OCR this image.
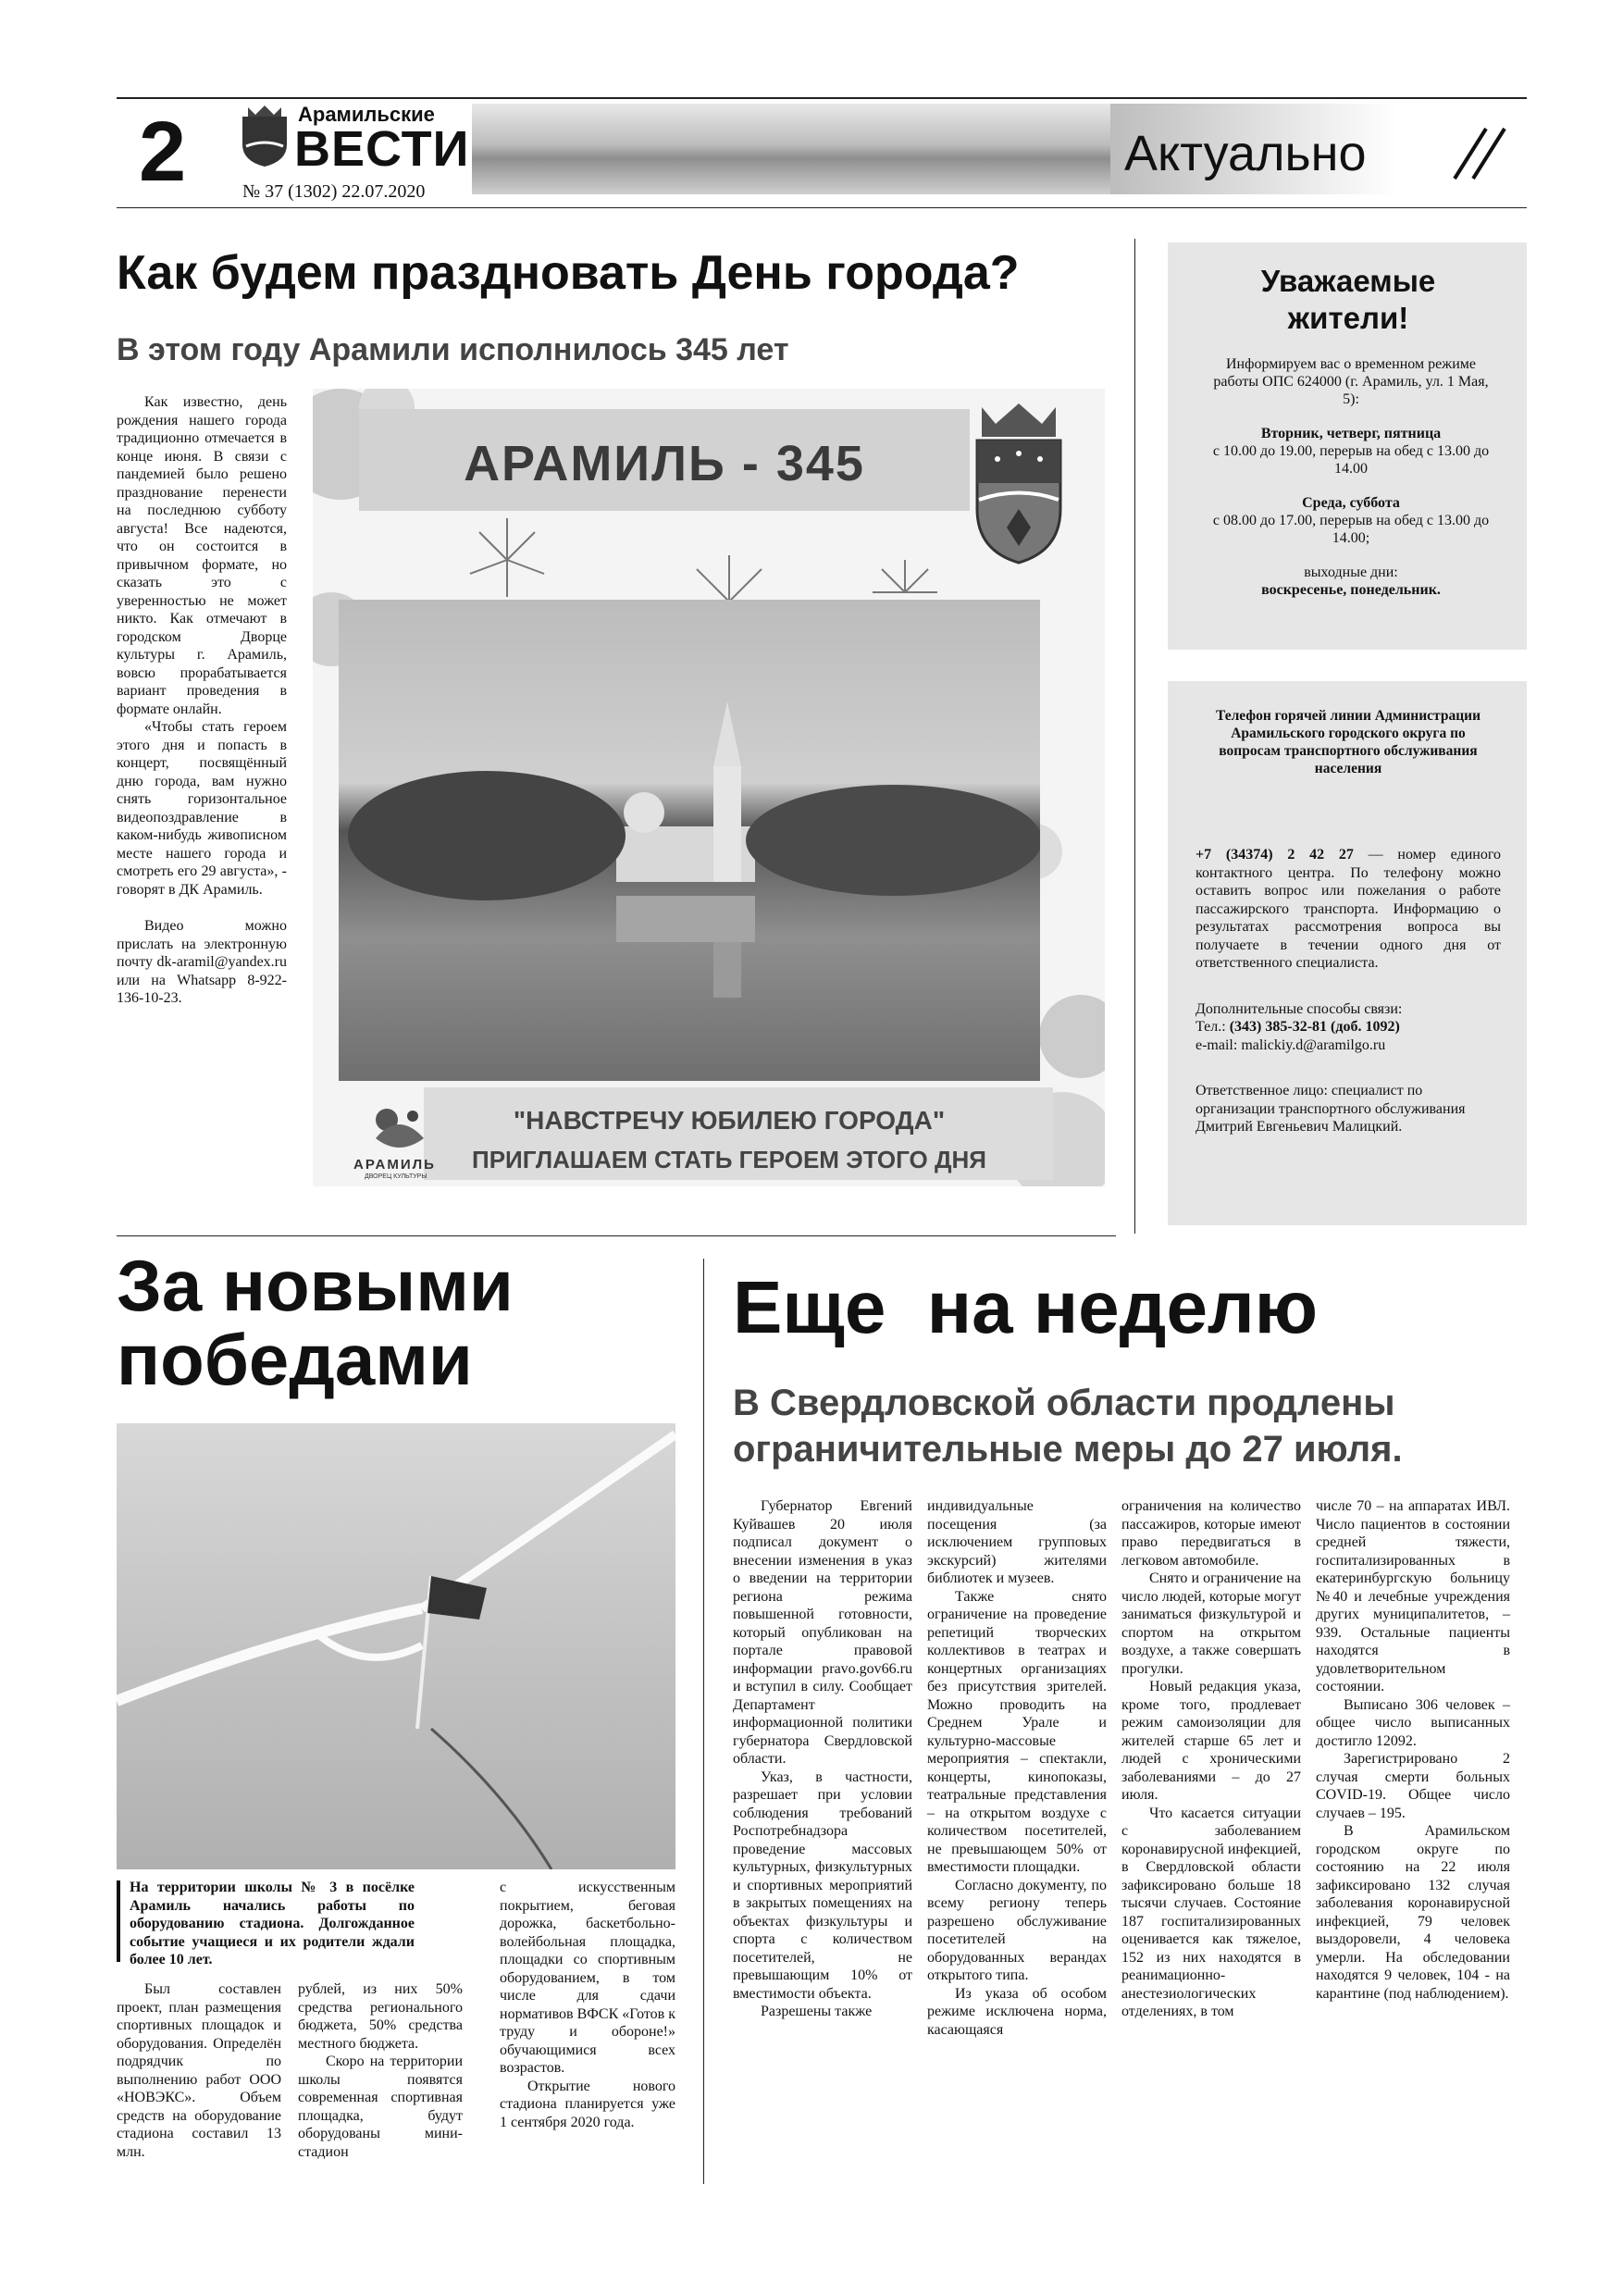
2	Арамильские
ВЕСТИ
№ 37 (1302) 22.07.2020
Актуально
Как будем праздновать День города?
В этом году Арамили исполнилось 345 лет

Как известно, день рождения нашего города традиционно отмечается в конце июня. В связи с пандемией было решено празднование перенести на последнюю субботу августа! Все надеются, что он состоится в привычном формате, но сказать это с уверенностью не может никто. Как отмечают в городском Дворце культуры г. Арамиль, вовсю прорабатывается вариант проведения в формате онлайн.

«Чтобы стать героем этого дня и попасть в концерт, посвящённый дню города, вам нужно снять горизонтальное видеопоздравление в каком-нибудь живописном месте нашего города и смотреть его 29 августа», - говорят в ДК Арамиль.

Видео можно прислать на электронную почту dk-aramil@yandex.ru или на Whatsapp 8-922-136-10-23.

АРАМИЛЬ - 345
АРАМИЛЬ
ДВОРЕЦ КУЛЬТУРЫ
"НАВСТРЕЧУ ЮБИЛЕЮ ГОРОДА"
ПРИГЛАШАЕМ СТАТЬ ГЕРОЕМ ЭТОГО ДНЯ
Уважаемые жители!
Информируем вас о временном режиме работы ОПС 624000 (г. Арамиль, ул. 1 Мая, 5):
Вторник, четверг, пятница
с 10.00 до 19.00, перерыв на обед с 13.00 до 14.00
Среда, суббота
с 08.00 до 17.00, перерыв на обед с 13.00 до 14.00;
выходные дни:
воскресенье, понедельник.
Телефон горячей линии Администрации Арамильского городского округа по вопросам транспортного обслуживания населения
+7 (34374) 2 42 27 — номер единого контактного центра. По телефону можно оставить вопрос или пожелания о работе пассажирского транспорта. Информацию о результатах рассмотрения вопроса вы получаете в течении одного дня от ответственного специалиста.
Дополнительные способы связи:
Тел.: (343) 385-32-81 (доб. 1092)
e-mail: malickiy.d@aramilgo.ru
Ответственное лицо: специалист по организации транспортного обслуживания Дмитрий Евгеньевич Малицкий.
За новыми
победами
На территории школы № 3 в посёлке Арамиль начались работы по оборудованию стадиона. Долгожданное событие учащиеся и их родители ждали более 10 лет.

Был составлен проект, план размещения спортивных площадок и оборудования. Определён подрядчик по выполнению работ ООО «НОВЭКС». Объем средств на оборудование стадиона составил 13 млн.

рублей, из них 50% средства регионального бюджета, 50% средства местного бюджета.

Скоро на территории школы появятся современная спортивная площадка, будут оборудованы мини-стадион

с искусственным покрытием, беговая дорожка, баскетбольно-волейбольная площадка, площадки со спортивным оборудованием, в том числе для сдачи нормативов ВФСК «Готов к труду и обороне!» обучающимися всех возрастов.

Открытие нового стадиона планируется уже 1 сентября 2020 года.

Еще  на неделю
В Свердловской области продлены
ограничительные меры до 27 июля.

Губернатор Евгений Куйвашев 20 июля подписал документ о внесении изменения в указ о введении на территории региона режима повышенной готовности, который опубликован на портале правовой информации pravo.gov66.ru и вступил в силу. Сообщает Департамент информационной политики губернатора Свердловской области.

Указ, в частности, разрешает при условии соблюдения требований Роспотребнадзора проведение массовых культурных, физкультурных и спортивных мероприятий в закрытых помещениях на объектах физкультуры и спорта с количеством посетителей, не превышающим 10% от вместимости объекта.

Разрешены также

индивидуальные посещения (за исключением групповых экскурсий) жителями библиотек и музеев.

Также снято ограничение на проведение репетиций творческих коллективов в театрах и концертных организациях без присутствия зрителей. Можно проводить на Среднем Урале и культурно-массовые мероприятия – спектакли, концерты, кинопоказы, театральные представления – на открытом воздухе с количеством посетителей, не превышающем 50% от вместимости площадки.

Согласно документу, по всему региону теперь разрешено обслуживание посетителей на оборудованных верандах открытого типа.

Из указа об особом режиме исключена норма, касающаяся

ограничения на количество пассажиров, которые имеют право передвигаться в легковом автомобиле.

Снято и ограничение на число людей, которые могут заниматься физкультурой и спортом на открытом воздухе, а также совершать прогулки.

Новый редакция указа, кроме того, продлевает режим самоизоляции для жителей старше 65 лет и людей с хроническими заболеваниями – до 27 июля.

Что касается ситуации с заболеванием коронавирусной инфекцией, в Свердловской области зафиксировано больше 18 тысячи случаев. Состояние 187 госпитализированных оценивается как тяжелое, 152 из них находятся в реанимационно-анестезиологических отделениях, в том

числе 70 – на аппаратах ИВЛ. Число пациентов в состоянии средней тяжести, госпитализированных в екатеринбургскую больницу №40 и лечебные учреждения других муниципалитетов, – 939. Остальные пациенты находятся в удовлетворительном состоянии.

Выписано 306 человек – общее число выписанных достигло 12092.

Зарегистрировано 2 случая смерти больных COVID-19. Общее число случаев – 195.

В Арамильском городском округе по состоянию на 22 июля зафиксировано 132 случая заболевания коронавирусной инфекцией, 79 человек выздоровели, 4 человека умерли. На обследовании находятся 9 человек, 104 - на карантине (под наблюдением).
